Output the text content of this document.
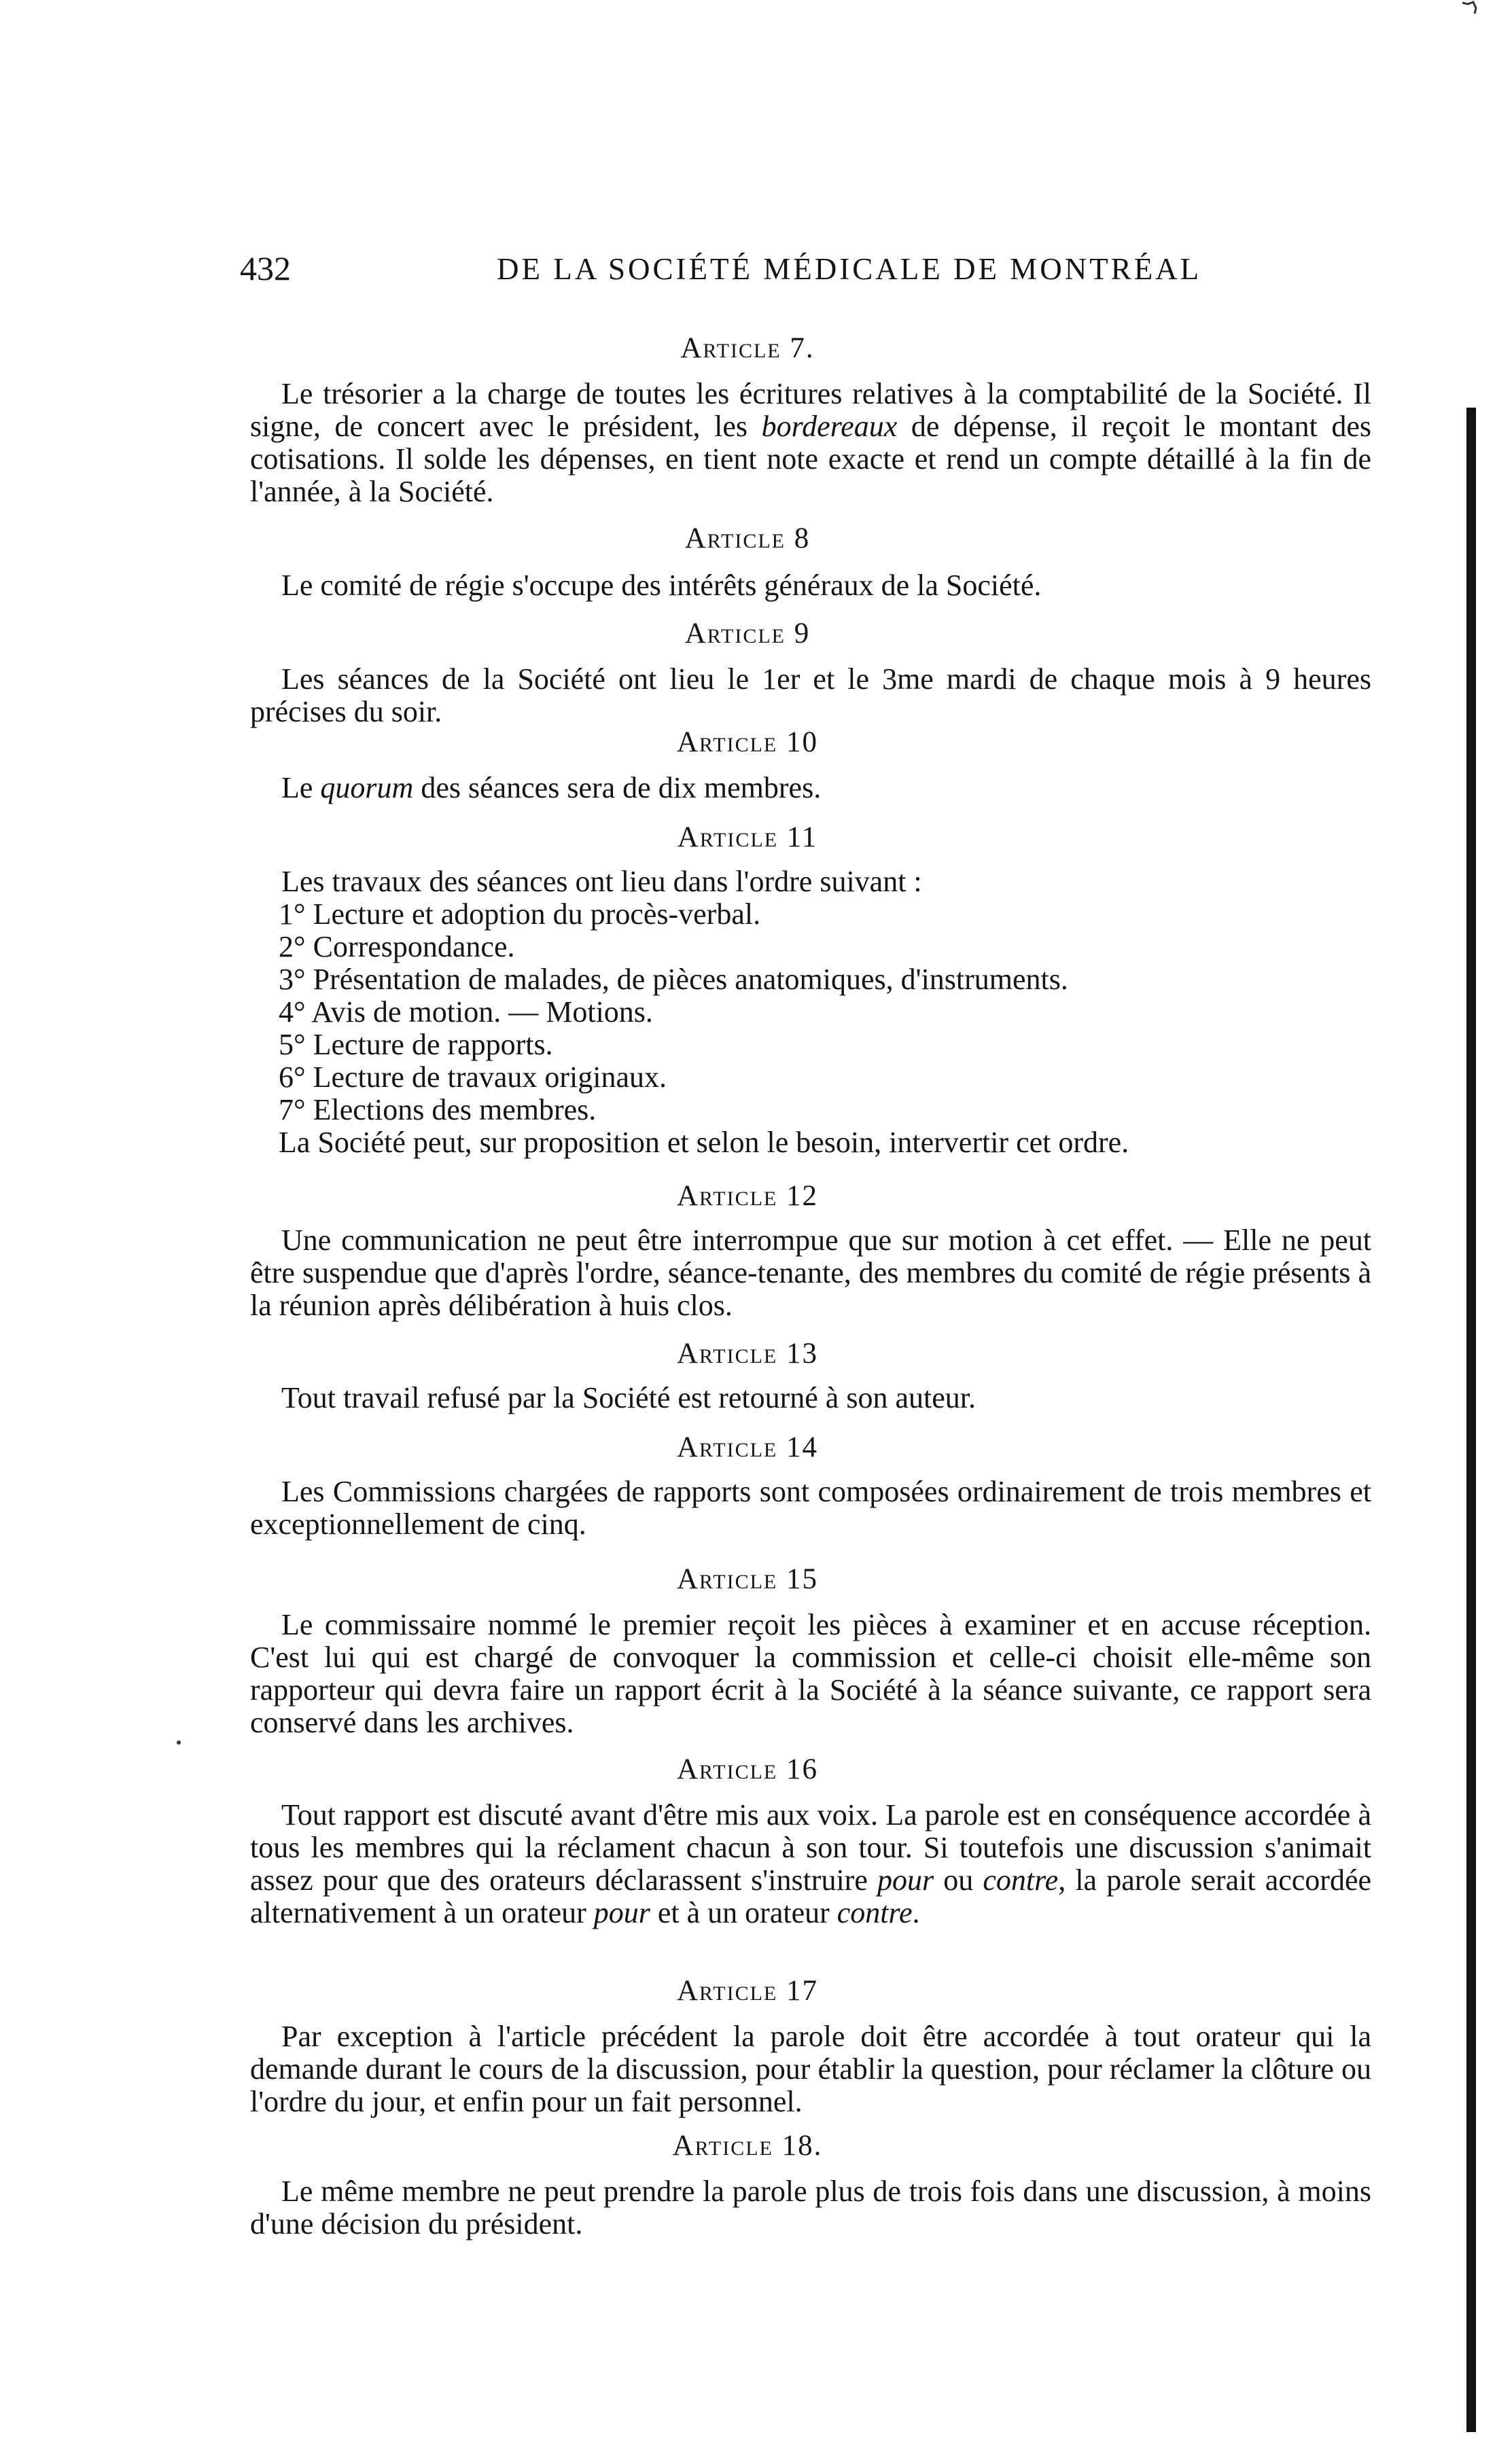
432	DE LA SOCIÉTÉ MÉDICALE DE MONTRÉAL
Article 7.
Le trésorier a la charge de toutes les écritures relatives à la comptabilité de la Société. Il signe, de concert avec le président, les bordereaux de dépense, il reçoit le montant des cotisations. Il solde les dépenses, en tient note exacte et rend un compte détaillé à la fin de l'année, à la Société.
Article 8
Le comité de régie s'occupe des intérêts généraux de la Société.
Article 9
Les séances de la Société ont lieu le 1er et le 3me mardi de chaque mois à 9 heures précises du soir.
Article 10
Le quorum des séances sera de dix membres.
Article 11
Les travaux des séances ont lieu dans l'ordre suivant :
1° Lecture et adoption du procès-verbal.
2° Correspondance.
3° Présentation de malades, de pièces anatomiques, d'instruments.
4° Avis de motion. — Motions.
5° Lecture de rapports.
6° Lecture de travaux originaux.
7° Elections des membres.
La Société peut, sur proposition et selon le besoin, intervertir cet ordre.
Article 12
Une communication ne peut être interrompue que sur motion à cet effet. — Elle ne peut être suspendue que d'après l'ordre, séance-tenante, des membres du comité de régie présents à la réunion après délibération à huis clos.
Article 13
Tout travail refusé par la Société est retourné à son auteur.
Article 14
Les Commissions chargées de rapports sont composées ordinairement de trois membres et exceptionnellement de cinq.
Article 15
Le commissaire nommé le premier reçoit les pièces à examiner et en accuse réception. C'est lui qui est chargé de convoquer la commission et celle-ci choisit elle-même son rapporteur qui devra faire un rapport écrit à la Société à la séance suivante, ce rapport sera conservé dans les archives.
Article 16
Tout rapport est discuté avant d'être mis aux voix. La parole est en conséquence accordée à tous les membres qui la réclament chacun à son tour. Si toutefois une discussion s'animait assez pour que des orateurs déclarassent s'instruire pour ou contre, la parole serait accordée alternativement à un orateur pour et à un orateur contre.
Article 17
Par exception à l'article précédent la parole doit être accordée à tout orateur qui la demande durant le cours de la discussion, pour établir la question, pour réclamer la clôture ou l'ordre du jour, et enfin pour un fait personnel.
Article 18.
Le même membre ne peut prendre la parole plus de trois fois dans une discussion, à moins d'une décision du président.
